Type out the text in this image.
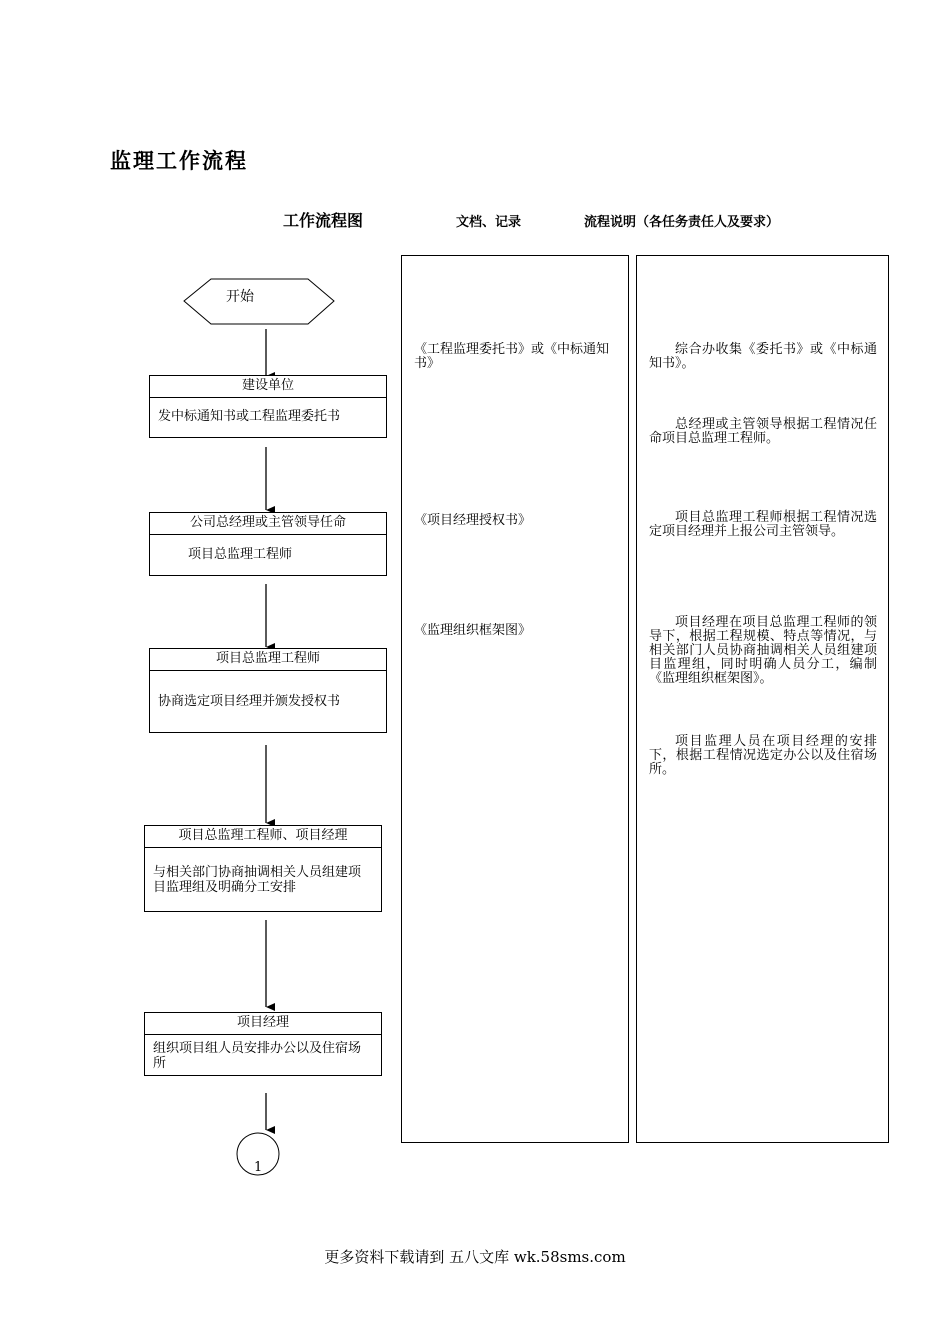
监理工作流程
工作流程图	文档、记录	流程说明（各任务责任人及要求）
开始
1
建设单位
发中标通知书或工程监理委托书
公司总经理或主管领导任命
项目总监理工程师
项目总监理工程师
协商选定项目经理并颁发授权书
项目总监理工程师、项目经理
与相关部门协商抽调相关人员组建项目监理组及明确分工安排
项目经理
组织项目组人员安排办公以及住宿场所
《工程监理委托书》或《中标通知书》
《项目经理授权书》
《监理组织框架图》
综合办收集《委托书》或《中标通知书》。
总经理或主管领导根据工程情况任命项目总监理工程师。
项目总监理工程师根据工程情况选定项目经理并上报公司主管领导。
项目经理在项目总监理工程师的领导下，根据工程规模、特点等情况，与相关部门人员协商抽调相关人员组建项目监理组，同时明确人员分工，编制《监理组织框架图》。
项目监理人员在项目经理的安排下，根据工程情况选定办公以及住宿场所。
更多资料下载请到 五八文库 wk.58sms.com
